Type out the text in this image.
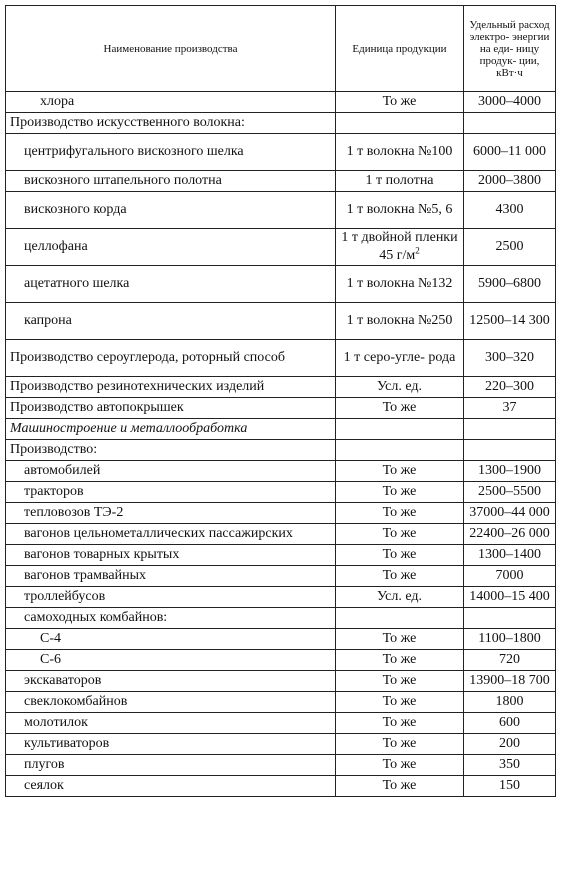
Наименование производства	Единица продукции	Удельный расход электро- энергии на еди- ницу продук- ции, кВт·ч
хлора	То же	3000–4000
Производство искусственного волокна:		
центрифугального вискозного шелка	1 т волокна №100	6000–11 000
вискозного штапельного полотна	1 т полотна	2000–3800
вискозного корда	1 т волокна №5, 6	4300
целлофана	1 т двойной пленки 45 $г/м^2$	2500
ацетатного шелка	1 т волокна №132	5900–6800
капрона	1 т волокна №250	12500–14 300
Производство сероуглерода, роторный способ	1 т серо-угле- рода	300–320
Производство резинотехнических изделий	Усл. ед.	220–300
Производство автопокрышек	То же	37
Машиностроение и металлообработка		
Производство:		
автомобилей	То же	1300–1900
тракторов	То же	2500–5500
тепловозов ТЭ-2	То же	37000–44 000
вагонов цельнометаллических пассажирских	То же	22400–26 000
вагонов товарных крытых	То же	1300–1400
вагонов трамвайных	То же	7000
троллейбусов	Усл. ед.	14000–15 400
самоходных комбайнов:		
С-4	То же	1100–1800
С-6	То же	720
экскаваторов	То же	13900–18 700
свеклокомбайнов	То же	1800
молотилок	То же	600
культиваторов	То же	200
плугов	То же	350
сеялок	То же	150
